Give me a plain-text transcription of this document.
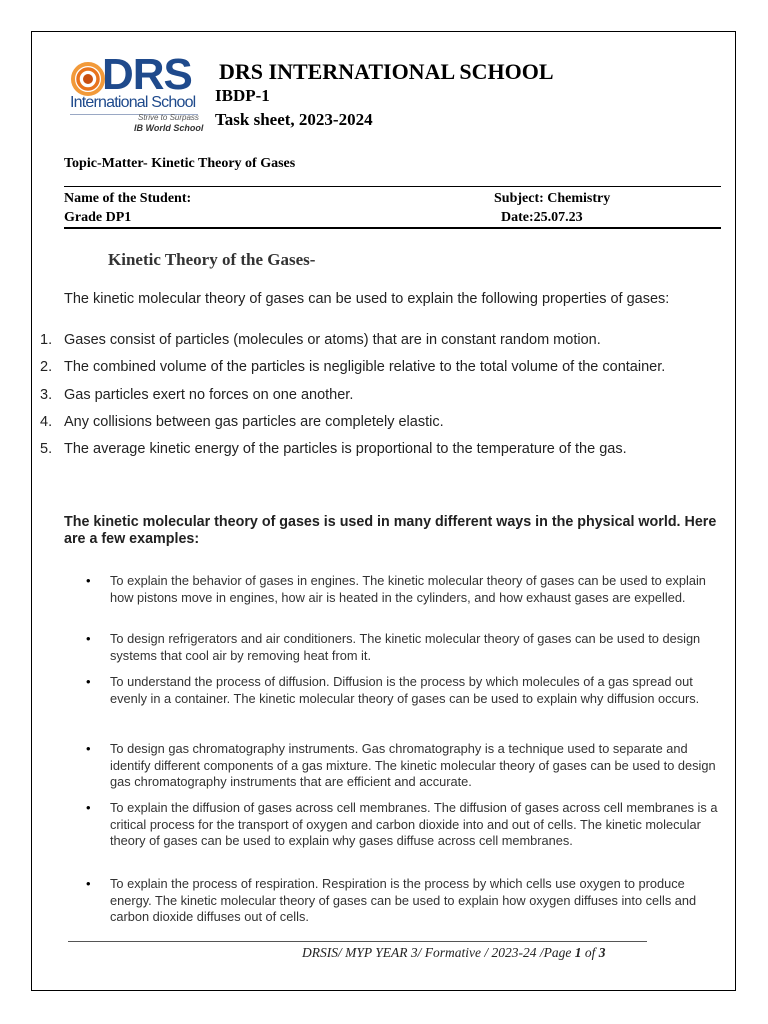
DRS
International School
Strive to Surpass
IB World School
DRS INTERNATIONAL SCHOOL
IBDP-1
Task sheet, 2023-2024
Topic-Matter- Kinetic Theory of Gases
Name of the Student:
Grade DP1
Subject: Chemistry
Date:25.07.23
Kinetic Theory of the Gases-
The kinetic molecular theory of gases can be used to explain the following properties of gases:
1. Gases consist of particles (molecules or atoms) that are in constant random motion.
2. The combined volume of the particles is negligible relative to the total volume of the container.
3. Gas particles exert no forces on one another.
4. Any collisions between gas particles are completely elastic.
5. The average kinetic energy of the particles is proportional to the temperature of the gas.
The kinetic molecular theory of gases is used in many different ways in the physical world. Here are a few examples:
• To explain the behavior of gases in engines. The kinetic molecular theory of gases can be used to explain how pistons move in engines, how air is heated in the cylinders, and how exhaust gases are expelled.
• To design refrigerators and air conditioners. The kinetic molecular theory of gases can be used to design systems that cool air by removing heat from it.
• To understand the process of diffusion. Diffusion is the process by which molecules of a gas spread out evenly in a container. The kinetic molecular theory of gases can be used to explain why diffusion occurs.
• To design gas chromatography instruments. Gas chromatography is a technique used to separate and identify different components of a gas mixture. The kinetic molecular theory of gases can be used to design gas chromatography instruments that are efficient and accurate.
• To explain the diffusion of gases across cell membranes. The diffusion of gases across cell membranes is a critical process for the transport of oxygen and carbon dioxide into and out of cells. The kinetic molecular theory of gases can be used to explain why gases diffuse across cell membranes.
• To explain the process of respiration. Respiration is the process by which cells use oxygen to produce energy. The kinetic molecular theory of gases can be used to explain how oxygen diffuses into cells and carbon dioxide diffuses out of cells.
DRSIS/ MYP YEAR 3/ Formative / 2023-24 /Page 1 of 3
